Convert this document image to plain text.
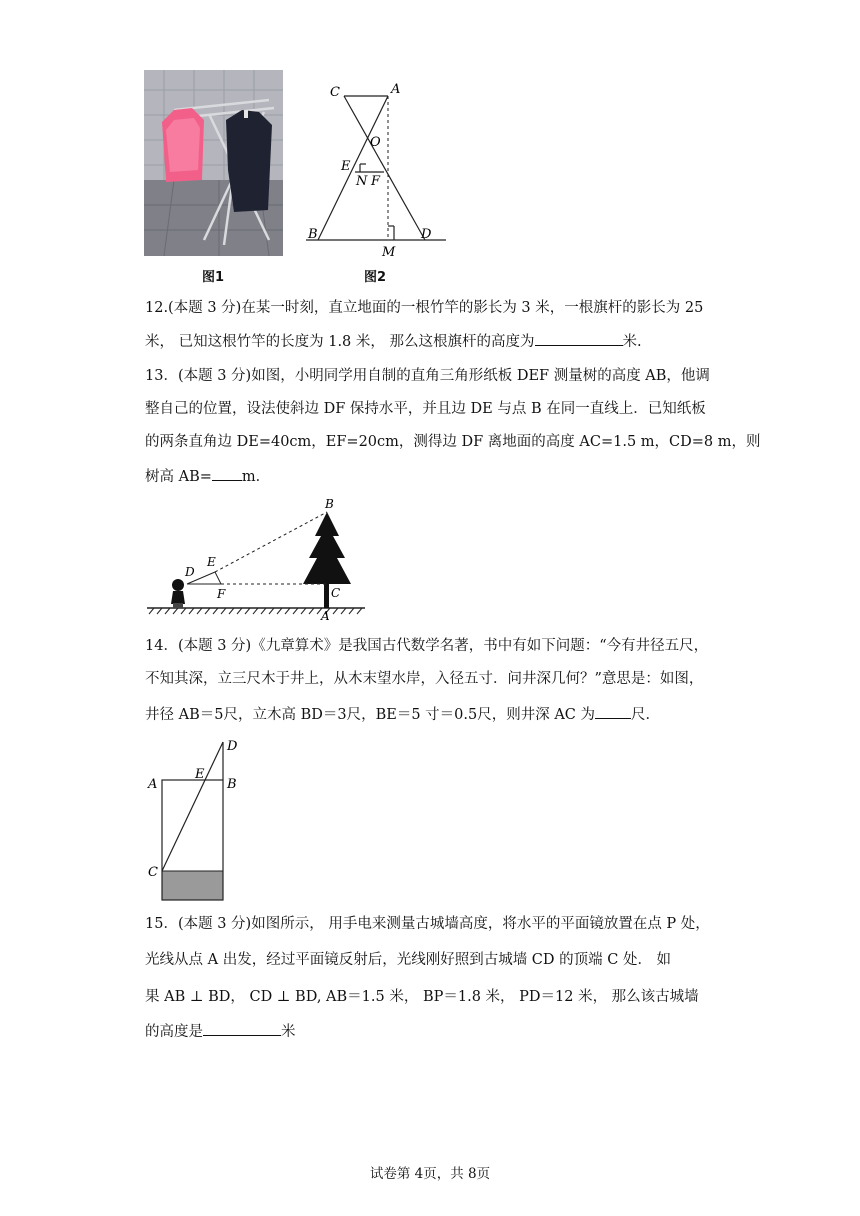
图1
C	A
O
E
N F
B
M
D
图2
12.(本题 3 分)在某一时刻，直立地面的一根竹竿的影长为 3 米，一根旗杆的影长为 25
米， 已知这根竹竿的长度为 1.8 米， 那么这根旗杆的高度为	米.
13．(本题 3 分)如图，小明同学用自制的直角三角形纸板 DEF 测量树的高度 AB，他调
整自己的位置，设法使斜边 DF 保持水平，并且边 DE 与点 B 在同一直线上．已知纸板
的两条直角边 DE=40cm，EF=20cm，测得边 DF 离地面的高度 AC=1.5 m，CD=8 m，则
树高 AB= m．
B
D
E
F	C
A
14．(本题 3 分)《九章算术》是我国古代数学名著，书中有如下问题：“今有井径五尺，
不知其深，立三尺木于井上，从木末望水岸，入径五寸．问井深几何？”意思是：如图，
井径 AB＝5尺，立木高 BD＝3尺，BE＝5 寸＝0.5尺，则井深 AC 为 尺．
D
A
E
B
C
15．(本题 3 分)如图所示， 用手电来测量古城墙高度，将水平的平面镜放置在点 P 处，
光线从点 A 出发，经过平面镜反射后，光线刚好照到古城墙 CD 的顶端 C 处． 如
果 AB ⊥ BD， CD ⊥ BD, AB＝1.5 米， BP＝1.8 米， PD＝12 米， 那么该古城墙
的高度是	米
试卷第 4页，共 8页
